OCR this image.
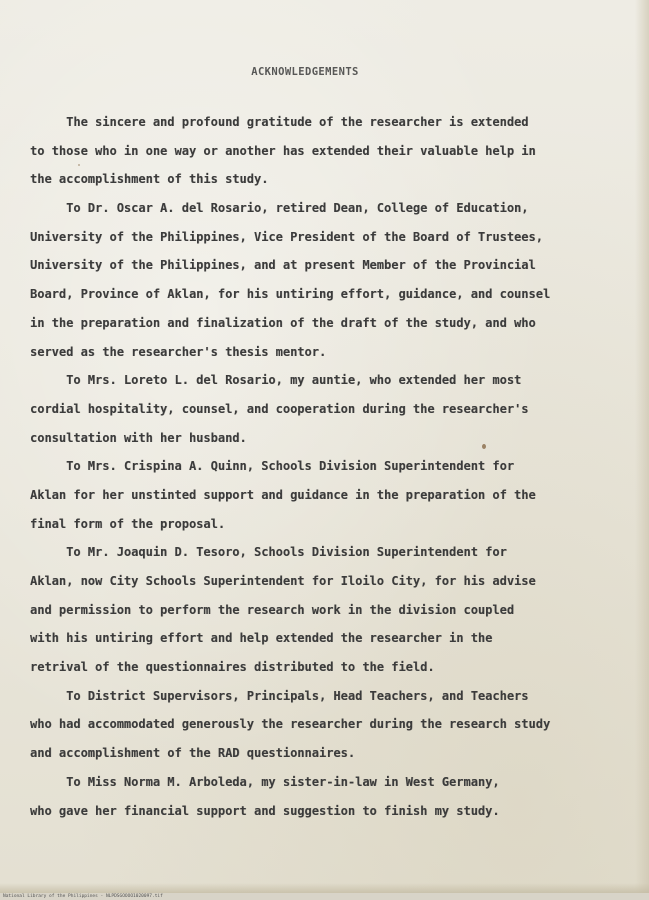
ACKNOWLEDGEMENTS
The sincere and profound gratitude of the researcher is extended
to those who in one way or another has extended their valuable help in
the accomplishment of this study.
To Dr. Oscar A. del Rosario, retired Dean, College of Education,
University of the Philippines, Vice President of the Board of Trustees,
University of the Philippines, and at present Member of the Provincial
Board, Province of Aklan, for his untiring effort, guidance, and counsel
in the preparation and finalization of the draft of the study, and who
served as the researcher's thesis mentor.
To Mrs. Loreto L. del Rosario, my auntie, who extended her most
cordial hospitality, counsel, and cooperation during the researcher's
consultation with her husband.
To Mrs. Crispina A. Quinn, Schools Division Superintendent for
Aklan for her unstinted support and guidance in the preparation of the
final form of the proposal.
To Mr. Joaquin D. Tesoro, Schools Division Superintendent for
Aklan, now City Schools Superintendent for Iloilo City, for his advise
and permission to perform the research work in the division coupled
with his untiring effort and help extended the researcher in the
retrival of the questionnaires distributed to the field.
To District Supervisors, Principals, Head Teachers, and Teachers
who had accommodated generously the researcher during the research study
and accomplishment of the RAD questionnaires.
To Miss Norma M. Arboleda, my sister-in-law in West Germany,
who gave her financial support and suggestion to finish my study.
National Library of the Philippines - NLPDSGOOOO1020097.tif
